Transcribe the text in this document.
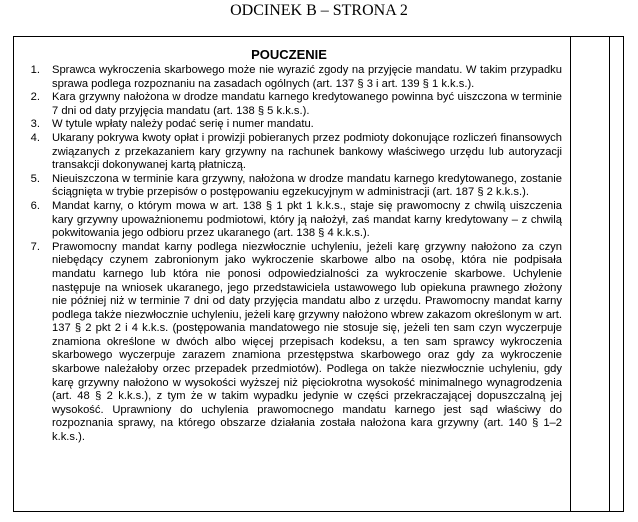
ODCINEK B – STRONA 2
POUCZENIE
1. Sprawca wykroczenia skarbowego może nie wyrazić zgody na przyjęcie mandatu. W takim przypadku sprawa podlega rozpoznaniu na zasadach ogólnych (art. 137 § 3 i art. 139 § 1 k.k.s.).
2. Kara grzywny nałożona w drodze mandatu karnego kredytowanego powinna być uiszczona w terminie 7 dni od daty przyjęcia mandatu (art. 138 § 5 k.k.s.).
3. W tytule wpłaty należy podać serię i numer mandatu.
4. Ukarany pokrywa kwoty opłat i prowizji pobieranych przez podmioty dokonujące rozliczeń finansowych związanych z przekazaniem kary grzywny na rachunek bankowy właściwego urzędu lub autoryzacji transakcji dokonywanej kartą płatniczą.
5. Nieuiszczona w terminie kara grzywny, nałożona w drodze mandatu karnego kredytowanego, zostanie ściągnięta w trybie przepisów o postępowaniu egzekucyjnym w administracji (art. 187 § 2 k.k.s.).
6. Mandat karny, o którym mowa w art. 138 § 1 pkt 1 k.k.s., staje się prawomocny z chwilą uiszczenia kary grzywny upoważnionemu podmiotowi, który ją nałożył, zaś mandat karny kredytowany – z chwilą pokwitowania jego odbioru przez ukaranego (art. 138 § 4 k.k.s.).
7. Prawomocny mandat karny podlega niezwłocznie uchyleniu, jeżeli karę grzywny nałożono za czyn niebędący czynem zabronionym jako wykroczenie skarbowe albo na osobę, która nie podpisała mandatu karnego lub która nie ponosi odpowiedzialności za wykroczenie skarbowe. Uchylenie następuje na wniosek ukaranego, jego przedstawiciela ustawowego lub opiekuna prawnego złożony nie później niż w terminie 7 dni od daty przyjęcia mandatu albo z urzędu. Prawomocny mandat karny podlega także niezwłocznie uchyleniu, jeżeli karę grzywny nałożono wbrew zakazom określonym w art. 137 § 2 pkt 2 i 4 k.k.s. (postępowania mandatowego nie stosuje się, jeżeli ten sam czyn wyczerpuje znamiona określone w dwóch albo więcej przepisach kodeksu, a ten sam sprawcy wykroczenia skarbowego wyczerpuje zarazem znamiona przestępstwa skarbowego oraz gdy za wykroczenie skarbowe należałoby orzec przepadek przedmiotów). Podlega on także niezwłocznie uchyleniu, gdy karę grzywny nałożono w wysokości wyższej niż pięciokrotna wysokość minimalnego wynagrodzenia (art. 48 § 2 k.k.s.), z tym że w takim wypadku jedynie w części przekraczającej dopuszczalną jej wysokość. Uprawniony do uchylenia prawomocnego mandatu karnego jest sąd właściwy do rozpoznania sprawy, na którego obszarze działania została nałożona kara grzywny (art. 140 § 1–2 k.k.s.).
